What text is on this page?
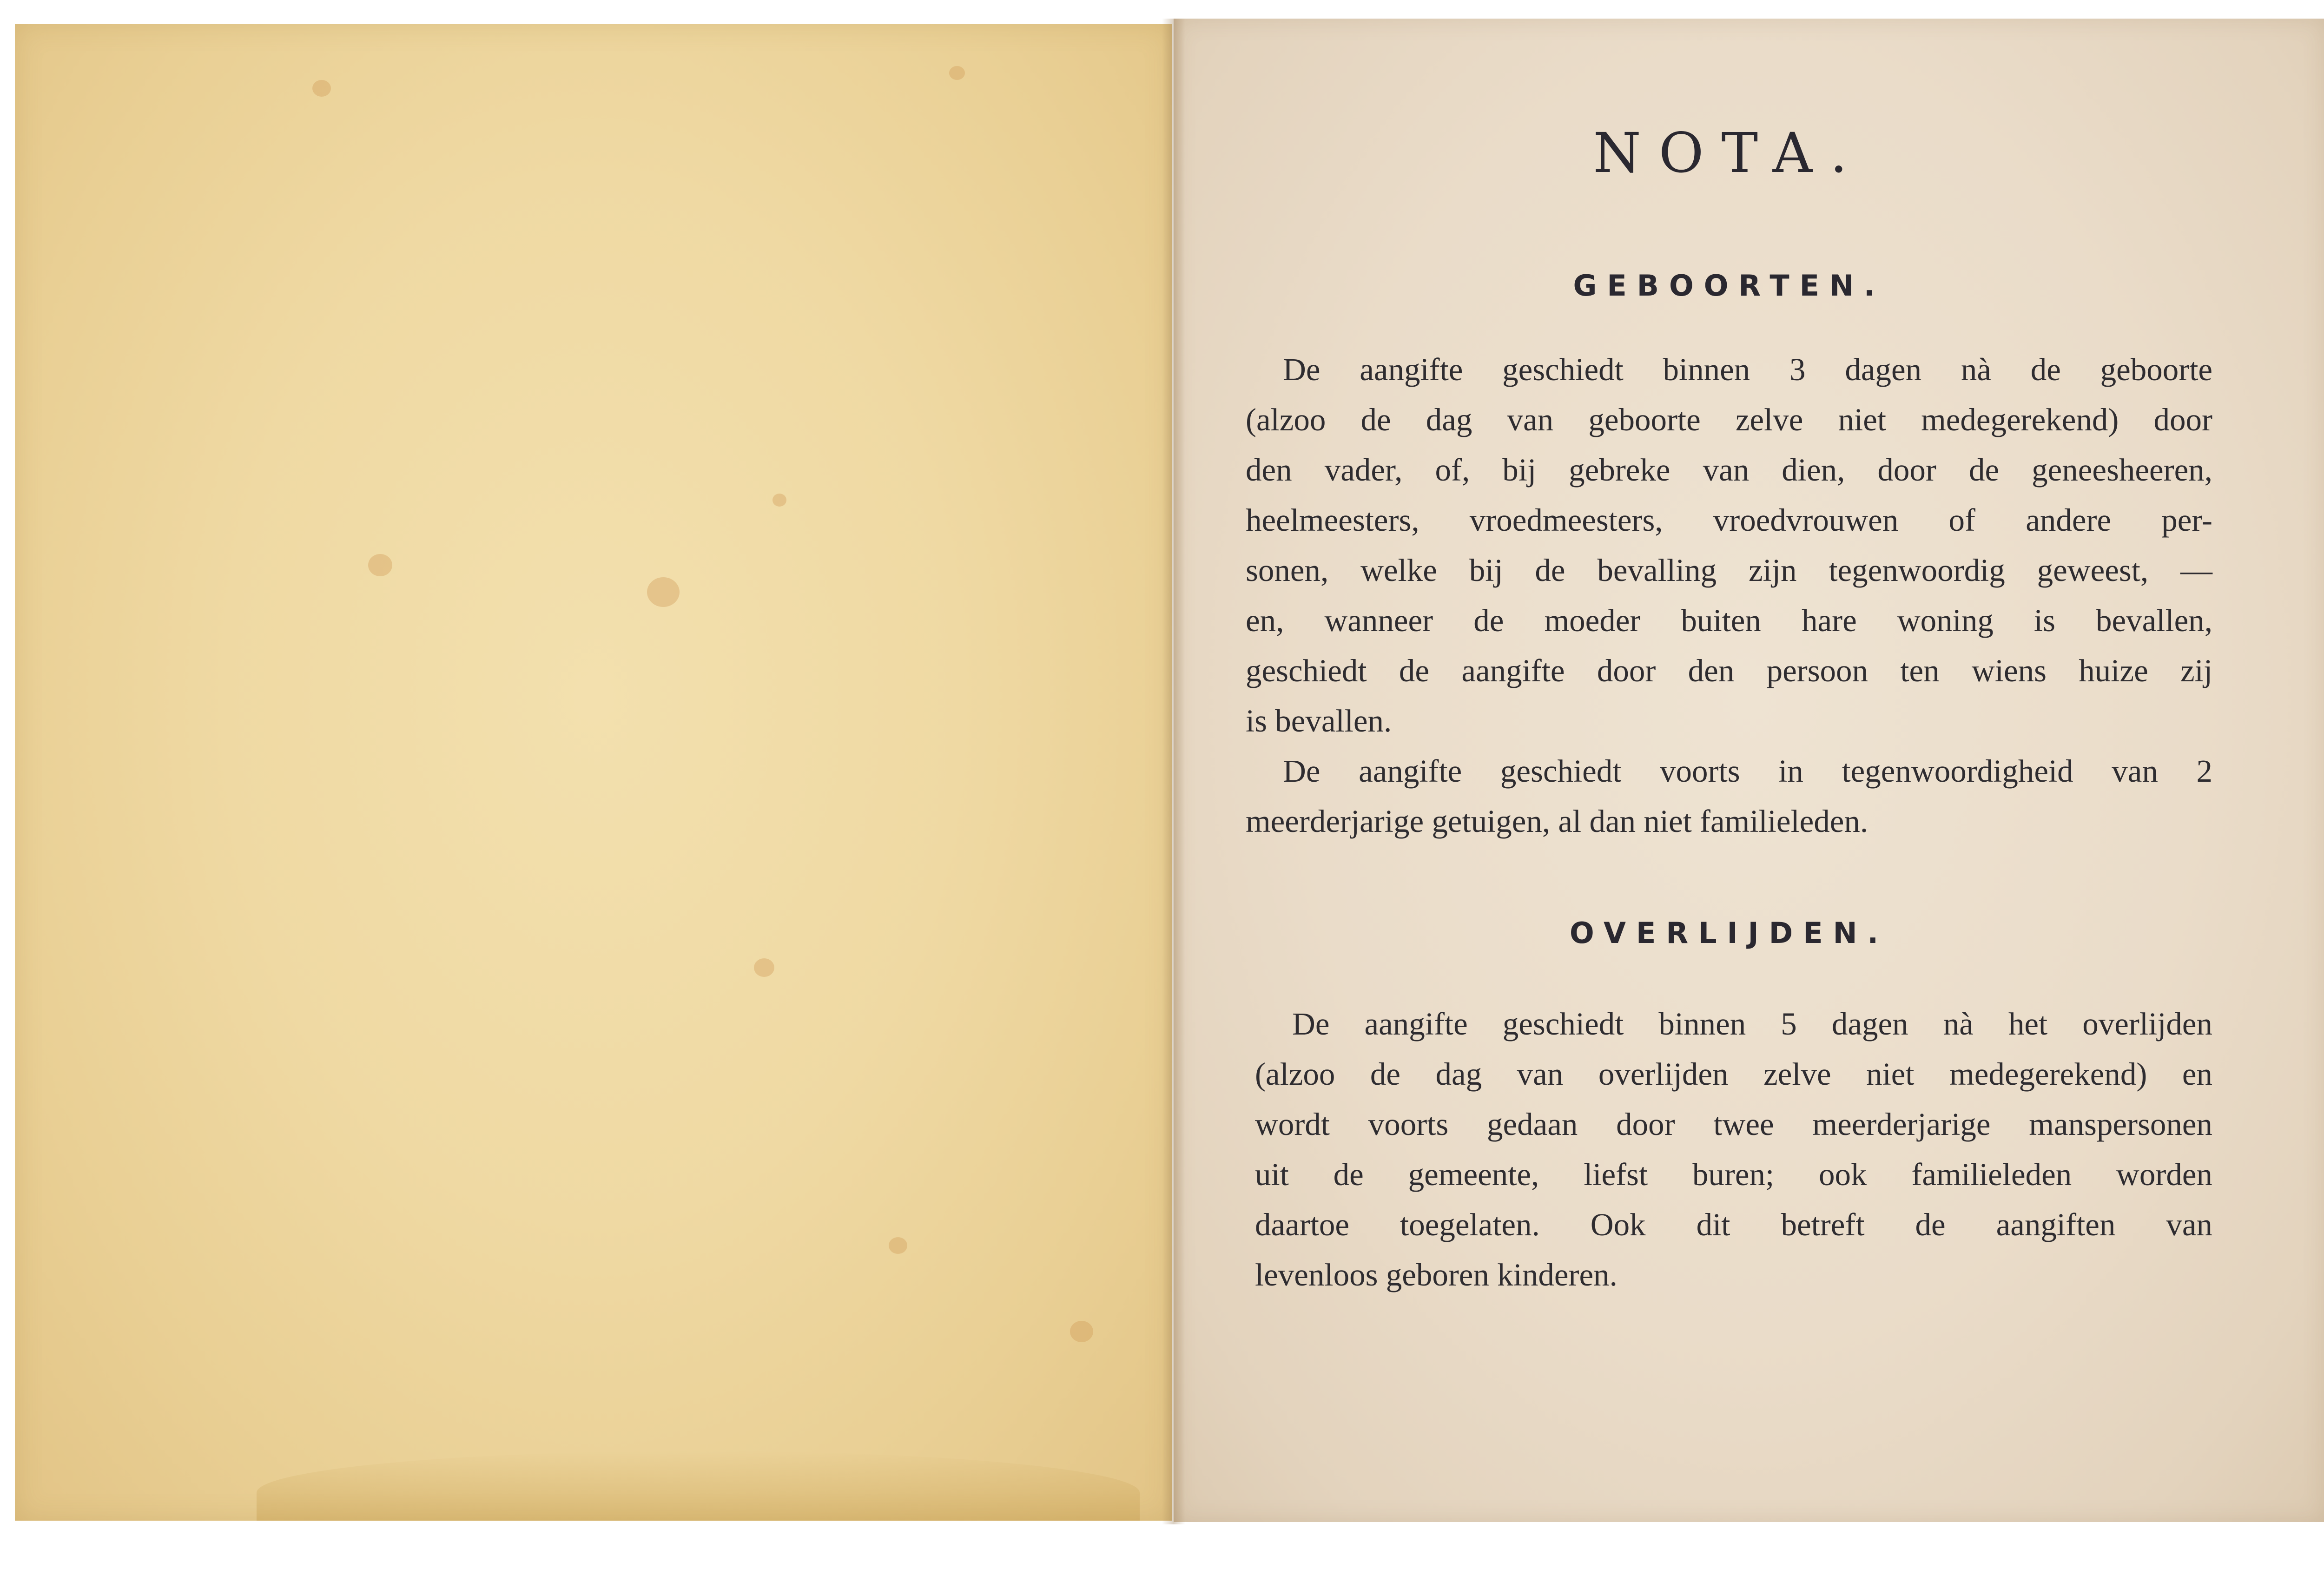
NOTA.
GEBOORTEN.

De aangifte geschiedt binnen 3 dagen nà de geboorte
(alzoo de dag van geboorte zelve niet medegerekend) door
den vader, of, bij gebreke van dien, door de geneesheeren,
heelmeesters, vroedmeesters, vroedvrouwen of andere per-
sonen, welke bij de bevalling zijn tegenwoordig geweest, —
en, wanneer de moeder buiten hare woning is bevallen,
geschiedt de aangifte door den persoon ten wiens huize zij
is bevallen.

De aangifte geschiedt voorts in tegenwoordigheid van 2
meerderjarige getuigen, al dan niet familieleden.

OVERLIJDEN.

De aangifte geschiedt binnen 5 dagen nà het overlijden
(alzoo de dag van overlijden zelve niet medegerekend) en
wordt voorts gedaan door twee meerderjarige manspersonen
uit de gemeente, liefst buren; ook familieleden worden
daartoe toegelaten. Ook dit betreft de aangiften van
levenloos geboren kinderen.
